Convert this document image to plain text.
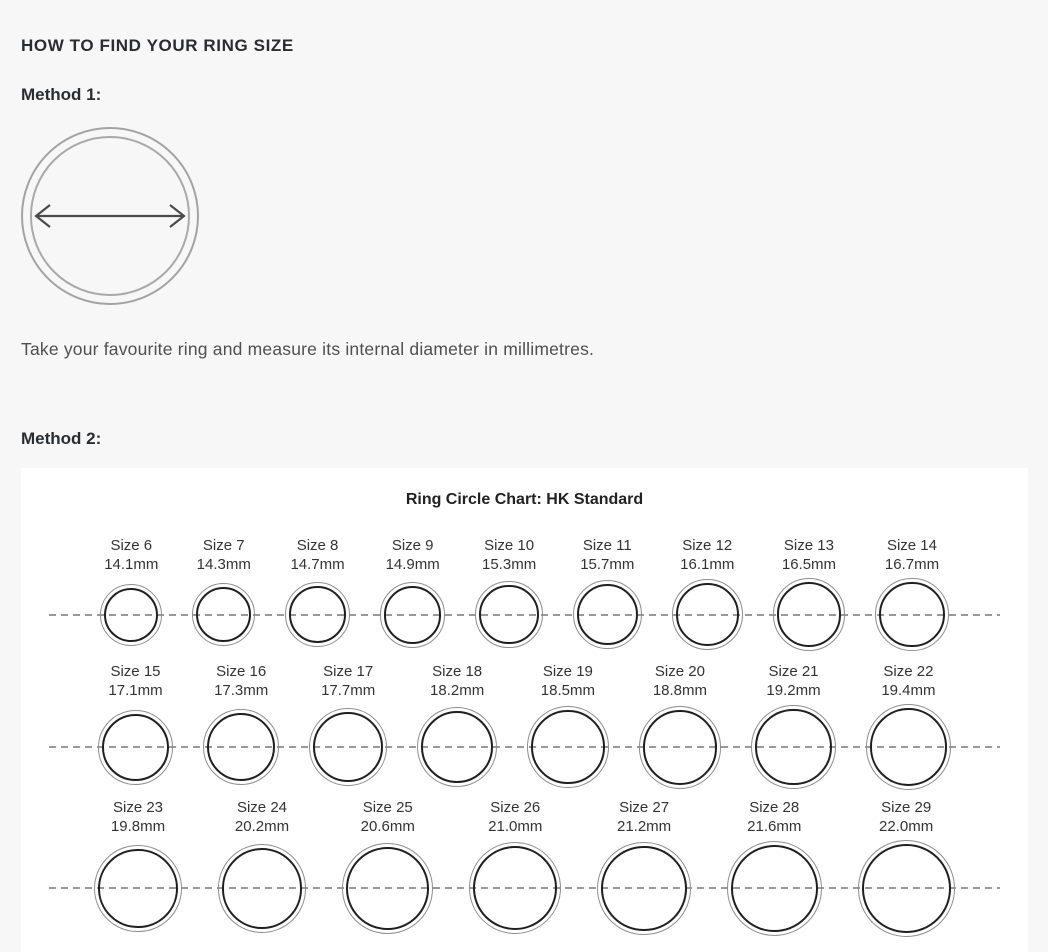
HOW TO FIND YOUR RING SIZE
Method 1:
Take your favourite ring and measure its internal diameter in millimetres.
Method 2:
Ring Circle Chart: HK Standard
Size 6
14.1mm
Size 7
14.3mm
Size 8
14.7mm
Size 9
14.9mm
Size 10
15.3mm
Size 11
15.7mm
Size 12
16.1mm
Size 13
16.5mm
Size 14
16.7mm
Size 15
17.1mm
Size 16
17.3mm
Size 17
17.7mm
Size 18
18.2mm
Size 19
18.5mm
Size 20
18.8mm
Size 21
19.2mm
Size 22
19.4mm
Size 23
19.8mm
Size 24
20.2mm
Size 25
20.6mm
Size 26
21.0mm
Size 27
21.2mm
Size 28
21.6mm
Size 29
22.0mm
